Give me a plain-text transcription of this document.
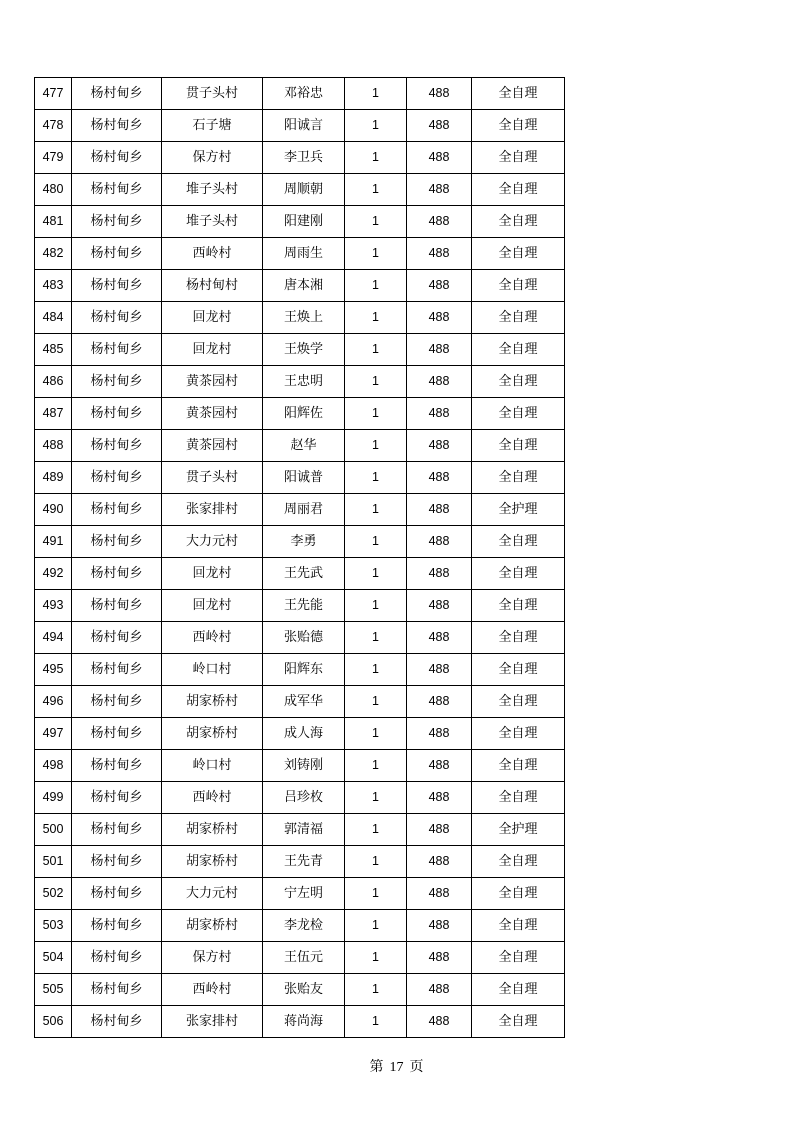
477	杨村甸乡	贯子头村	邓裕忠	1	488	全自理
478	杨村甸乡	石子塘	阳诚言	1	488	全自理
479	杨村甸乡	保方村	李卫兵	1	488	全自理
480	杨村甸乡	堆子头村	周顺朝	1	488	全自理
481	杨村甸乡	堆子头村	阳建刚	1	488	全自理
482	杨村甸乡	西岭村	周雨生	1	488	全自理
483	杨村甸乡	杨村甸村	唐本湘	1	488	全自理
484	杨村甸乡	回龙村	王焕上	1	488	全自理
485	杨村甸乡	回龙村	王焕学	1	488	全自理
486	杨村甸乡	黄茶园村	王忠明	1	488	全自理
487	杨村甸乡	黄茶园村	阳辉佐	1	488	全自理
488	杨村甸乡	黄茶园村	赵华	1	488	全自理
489	杨村甸乡	贯子头村	阳诚普	1	488	全自理
490	杨村甸乡	张家排村	周丽君	1	488	全护理
491	杨村甸乡	大力元村	李勇	1	488	全自理
492	杨村甸乡	回龙村	王先武	1	488	全自理
493	杨村甸乡	回龙村	王先能	1	488	全自理
494	杨村甸乡	西岭村	张贻德	1	488	全自理
495	杨村甸乡	岭口村	阳辉东	1	488	全自理
496	杨村甸乡	胡家桥村	成军华	1	488	全自理
497	杨村甸乡	胡家桥村	成人海	1	488	全自理
498	杨村甸乡	岭口村	刘铸刚	1	488	全自理
499	杨村甸乡	西岭村	吕珍枚	1	488	全自理
500	杨村甸乡	胡家桥村	郭清福	1	488	全护理
501	杨村甸乡	胡家桥村	王先青	1	488	全自理
502	杨村甸乡	大力元村	宁左明	1	488	全自理
503	杨村甸乡	胡家桥村	李龙检	1	488	全自理
504	杨村甸乡	保方村	王伍元	1	488	全自理
505	杨村甸乡	西岭村	张贻友	1	488	全自理
506	杨村甸乡	张家排村	蒋尚海	1	488	全自理
第 17 页
